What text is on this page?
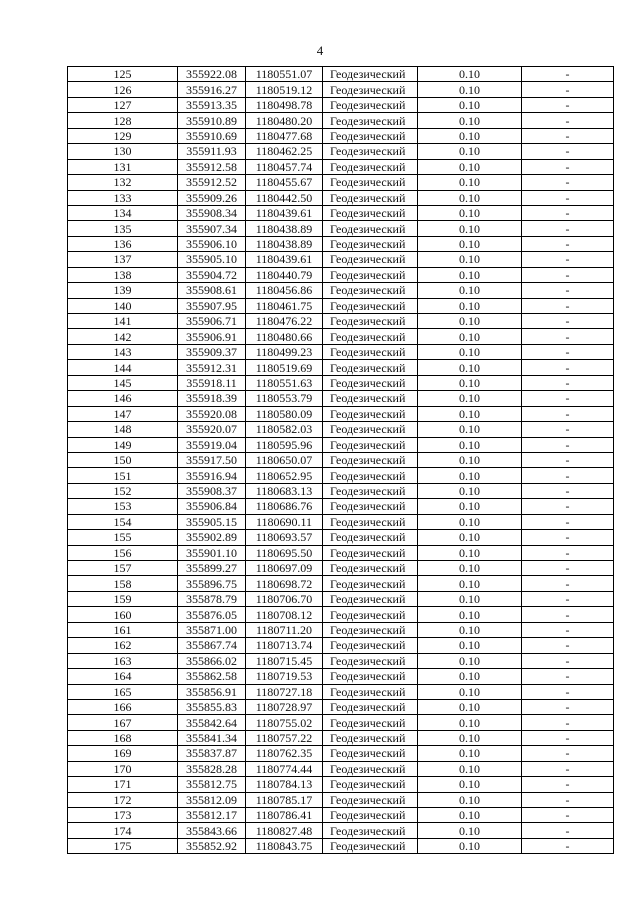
4
125	355922.08	1180551.07	Геодезический	0.10	-
126	355916.27	1180519.12	Геодезический	0.10	-
127	355913.35	1180498.78	Геодезический	0.10	-
128	355910.89	1180480.20	Геодезический	0.10	-
129	355910.69	1180477.68	Геодезический	0.10	-
130	355911.93	1180462.25	Геодезический	0.10	-
131	355912.58	1180457.74	Геодезический	0.10	-
132	355912.52	1180455.67	Геодезический	0.10	-
133	355909.26	1180442.50	Геодезический	0.10	-
134	355908.34	1180439.61	Геодезический	0.10	-
135	355907.34	1180438.89	Геодезический	0.10	-
136	355906.10	1180438.89	Геодезический	0.10	-
137	355905.10	1180439.61	Геодезический	0.10	-
138	355904.72	1180440.79	Геодезический	0.10	-
139	355908.61	1180456.86	Геодезический	0.10	-
140	355907.95	1180461.75	Геодезический	0.10	-
141	355906.71	1180476.22	Геодезический	0.10	-
142	355906.91	1180480.66	Геодезический	0.10	-
143	355909.37	1180499.23	Геодезический	0.10	-
144	355912.31	1180519.69	Геодезический	0.10	-
145	355918.11	1180551.63	Геодезический	0.10	-
146	355918.39	1180553.79	Геодезический	0.10	-
147	355920.08	1180580.09	Геодезический	0.10	-
148	355920.07	1180582.03	Геодезический	0.10	-
149	355919.04	1180595.96	Геодезический	0.10	-
150	355917.50	1180650.07	Геодезический	0.10	-
151	355916.94	1180652.95	Геодезический	0.10	-
152	355908.37	1180683.13	Геодезический	0.10	-
153	355906.84	1180686.76	Геодезический	0.10	-
154	355905.15	1180690.11	Геодезический	0.10	-
155	355902.89	1180693.57	Геодезический	0.10	-
156	355901.10	1180695.50	Геодезический	0.10	-
157	355899.27	1180697.09	Геодезический	0.10	-
158	355896.75	1180698.72	Геодезический	0.10	-
159	355878.79	1180706.70	Геодезический	0.10	-
160	355876.05	1180708.12	Геодезический	0.10	-
161	355871.00	1180711.20	Геодезический	0.10	-
162	355867.74	1180713.74	Геодезический	0.10	-
163	355866.02	1180715.45	Геодезический	0.10	-
164	355862.58	1180719.53	Геодезический	0.10	-
165	355856.91	1180727.18	Геодезический	0.10	-
166	355855.83	1180728.97	Геодезический	0.10	-
167	355842.64	1180755.02	Геодезический	0.10	-
168	355841.34	1180757.22	Геодезический	0.10	-
169	355837.87	1180762.35	Геодезический	0.10	-
170	355828.28	1180774.44	Геодезический	0.10	-
171	355812.75	1180784.13	Геодезический	0.10	-
172	355812.09	1180785.17	Геодезический	0.10	-
173	355812.17	1180786.41	Геодезический	0.10	-
174	355843.66	1180827.48	Геодезический	0.10	-
175	355852.92	1180843.75	Геодезический	0.10	-
